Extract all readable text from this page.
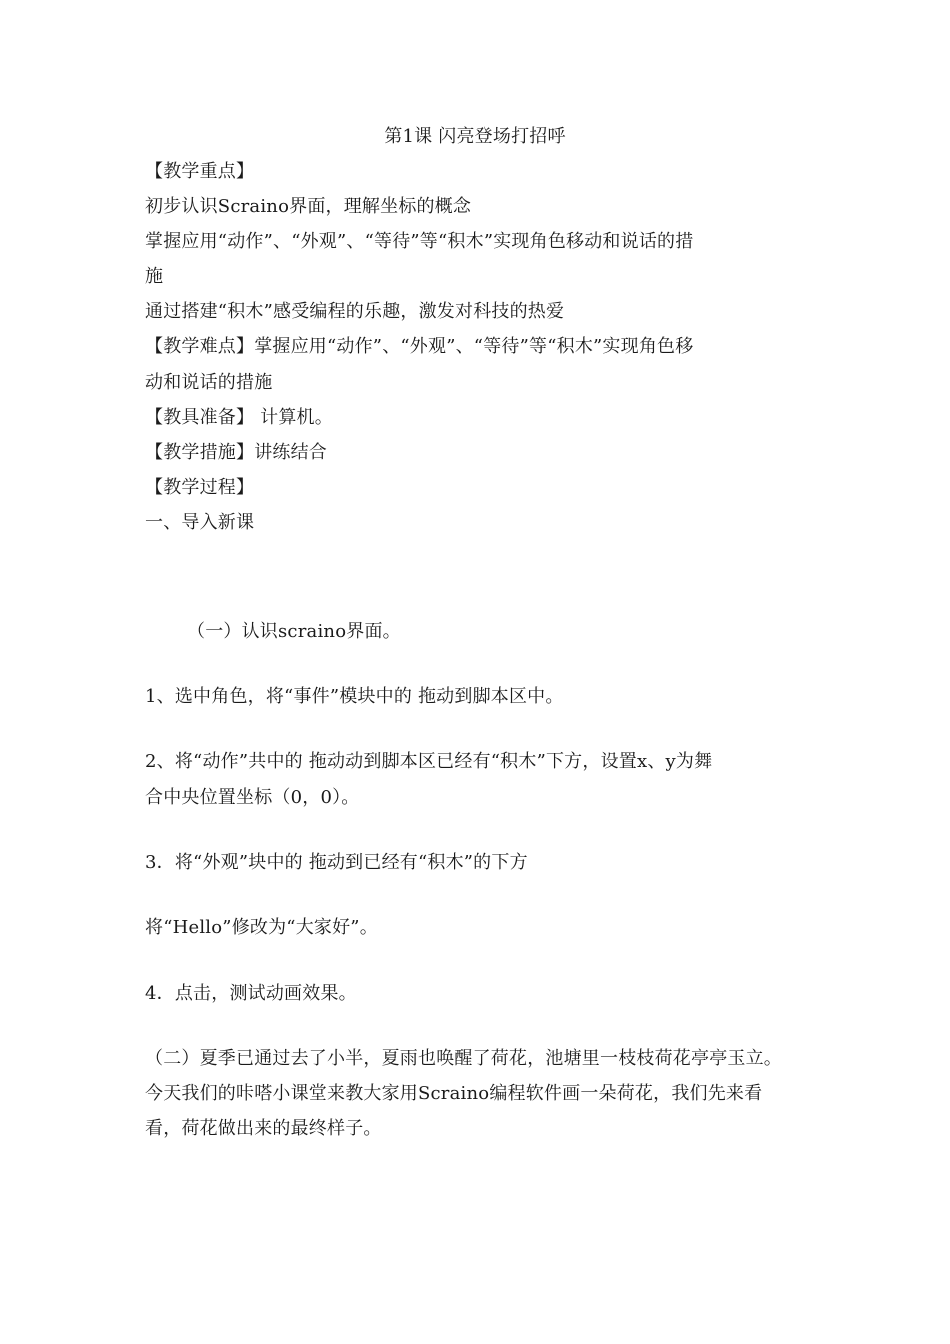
第1课 闪亮登场打招呼
【教学重点】
初步认识Scraino界面，理解坐标的概念
掌握应用“动作”、“外观”、“等待”等“积木”实现角色移动和说话的措
施
通过搭建“积木”感受编程的乐趣，激发对科技的热爱
【教学难点】掌握应用“动作”、“外观”、“等待”等“积木”实现角色移
动和说话的措施
【教具准备】 计算机。
【教学措施】讲练结合
【教学过程】
一、导入新课
（一）认识scraino界面。
1、选中角色，将“事件”模块中的 拖动到脚本区中。
2、将“动作”共中的 拖动动到脚本区已经有“积木”下方，设置x、y为舞
合中央位置坐标（0，0）。
3．将“外观”块中的 拖动到已经有“积木”的下方
将“Hello”修改为“大家好”。
4．点击，测试动画效果。
（二）夏季已通过去了小半，夏雨也唤醒了荷花，池塘里一枝枝荷花亭亭玉立。
今天我们的咔嗒小课堂来教大家用Scraino编程软件画一朵荷花，我们先来看
看，荷花做出来的最终样子。
